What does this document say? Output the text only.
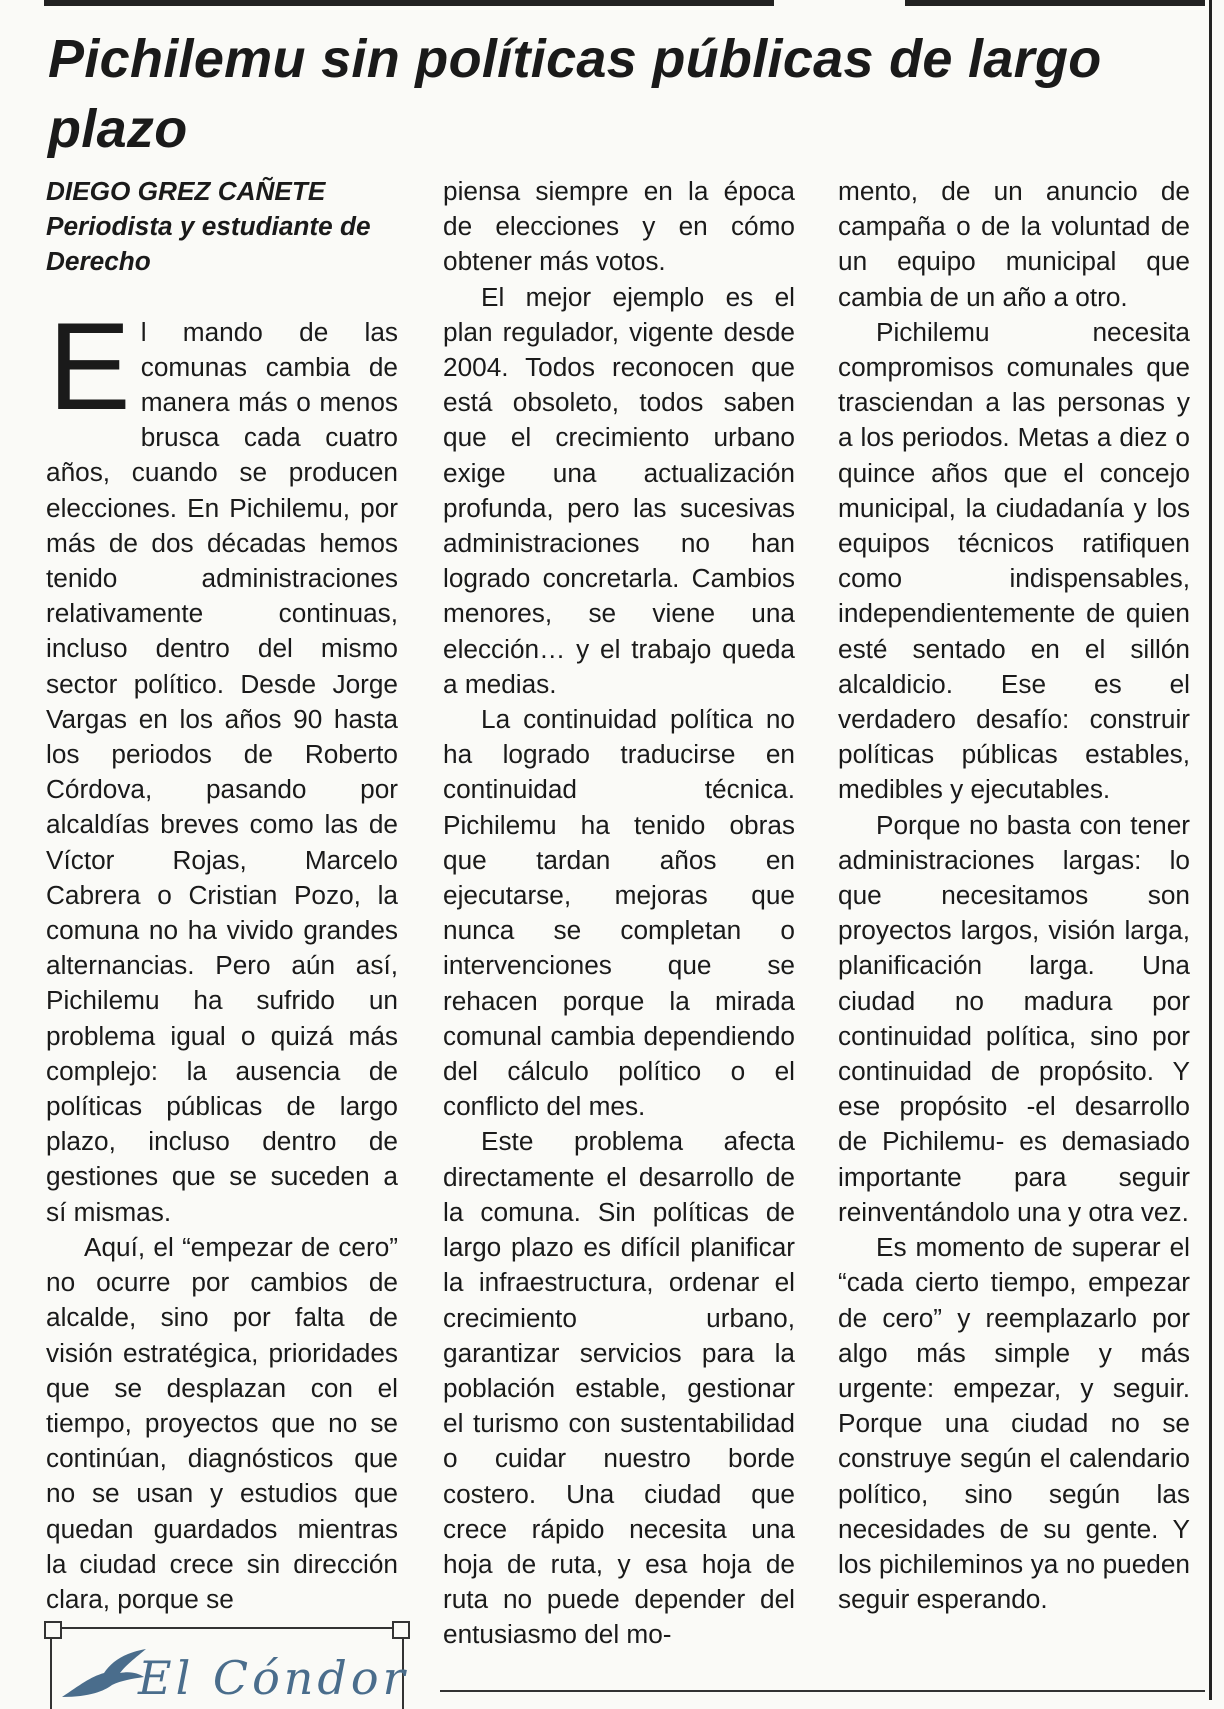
Pichilemu sin políticas públicas de largo plazo

DIEGO GREZ CAÑETE
Periodista y estudiante de Derecho

E l mando de las comunas cambia de manera más o menos brusca cada cuatro años, cuando se producen elecciones. En Pichilemu, por más de dos décadas hemos tenido administraciones relativamente continuas, incluso dentro del mismo sector político. Desde Jorge Vargas en los años 90 hasta los periodos de Roberto Córdova, pasando por alcaldías breves como las de Víctor Rojas, Marcelo Cabrera o Cristian Pozo, la comuna no ha vivido grandes alternancias. Pero aún así, Pichilemu ha sufrido un problema igual o quizá más complejo: la ausencia de políticas públicas de largo plazo, incluso dentro de gestiones que se suceden a sí mismas.

Aquí, el “empezar de cero” no ocurre por cambios de alcalde, sino por falta de visión estratégica, prioridades que se desplazan con el tiempo, proyectos que no se continúan, diagnósticos que no se usan y estudios que quedan guardados mientras la ciudad crece sin dirección clara, porque se

piensa siempre en la época de elecciones y en cómo obtener más votos.

El mejor ejemplo es el plan regulador, vigente desde 2004. Todos reconocen que está obsoleto, todos saben que el crecimiento urbano exige una actualización profunda, pero las sucesivas administraciones no han logrado concretarla. Cambios menores, se viene una elección… y el trabajo queda a medias.

La continuidad política no ha logrado traducirse en continuidad técnica. Pichilemu ha tenido obras que tardan años en ejecutarse, mejoras que nunca se completan o intervenciones que se rehacen porque la mirada comunal cambia dependiendo del cálculo político o el conflicto del mes.

Este problema afecta directamente el desarrollo de la comuna. Sin políticas de largo plazo es difícil planificar la infraestructura, ordenar el crecimiento urbano, garantizar servicios para la población estable, gestionar el turismo con sustentabilidad o cuidar nuestro borde costero. Una ciudad que crece rápido necesita una hoja de ruta, y esa hoja de ruta no puede depender del entusiasmo del mo-

mento, de un anuncio de campaña o de la voluntad de un equipo municipal que cambia de un año a otro.

Pichilemu necesita compromisos comunales que trasciendan a las personas y a los periodos. Metas a diez o quince años que el concejo municipal, la ciudadanía y los equipos técnicos ratifiquen como indispensables, independientemente de quien esté sentado en el sillón alcaldicio. Ese es el verdadero desafío: construir políticas públicas estables, medibles y ejecutables.

Porque no basta con tener administraciones largas: lo que necesitamos son proyectos largos, visión larga, planificación larga. Una ciudad no madura por continuidad política, sino por continuidad de propósito. Y ese propósito -el desarrollo de Pichilemu- es demasiado importante para seguir reinventándolo una y otra vez.

Es momento de superar el “cada cierto tiempo, empezar de cero” y reemplazarlo por algo más simple y más urgente: empezar, y seguir. Porque una ciudad no se construye según el calendario político, sino según las necesidades de su gente. Y los pichileminos ya no pueden seguir esperando.

El Cóndor
